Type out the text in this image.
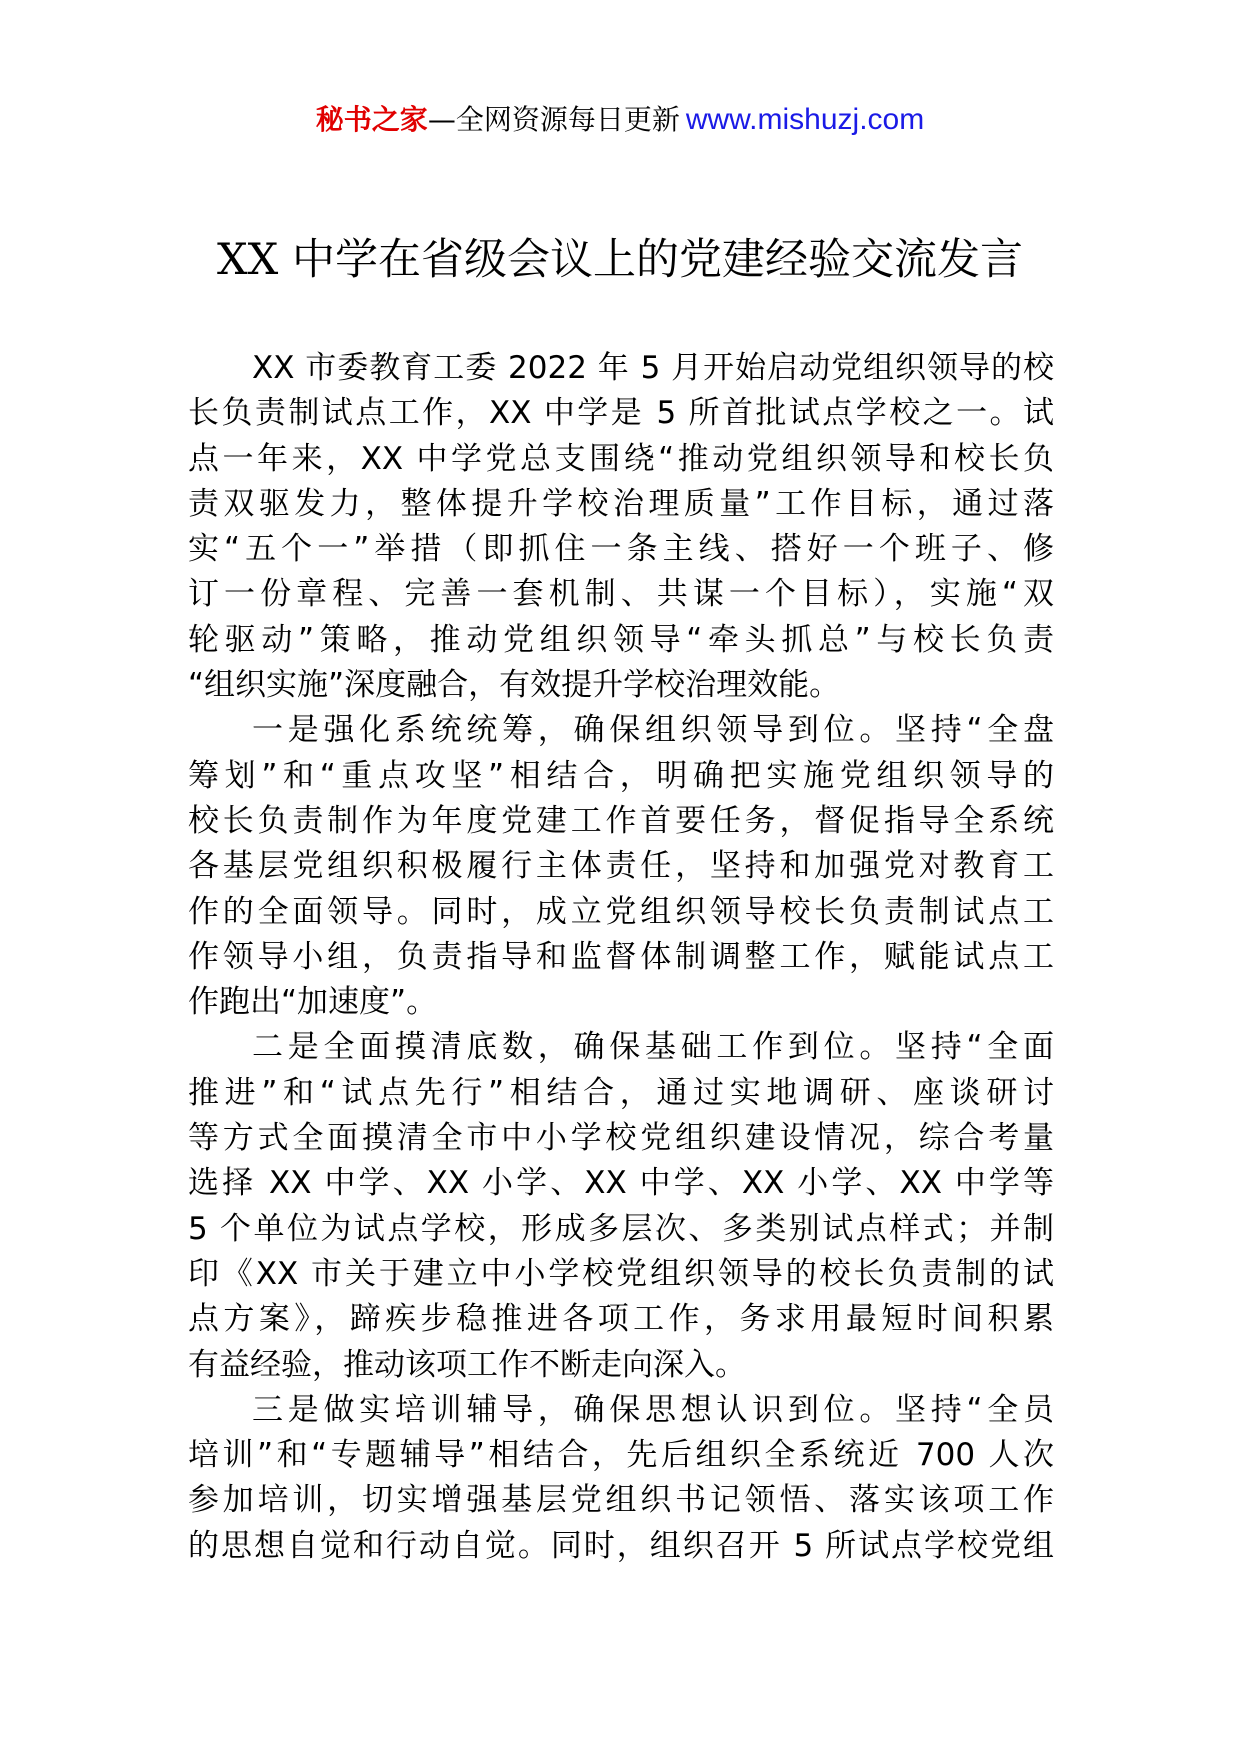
秘书之家—全网资源每日更新 www.mishuzj.com
XX 中学在省级会议上的党建经验交流发言
XX 市委教育工委 2022 年 5 月开始启动党组织领导的校
长负责制试点工作，XX 中学是 5 所首批试点学校之一。试
点一年来，XX 中学党总支围绕“推动党组织领导和校长负
责双驱发力，整体提升学校治理质量”工作目标，通过落
实“五个一”举措（即抓住一条主线、搭好一个班子、修
订一份章程、完善一套机制、共谋一个目标），实施“双
轮驱动”策略，推动党组织领导“牵头抓总”与校长负责
“组织实施”深度融合，有效提升学校治理效能。
一是强化系统统筹，确保组织领导到位。坚持“全盘
筹划”和“重点攻坚”相结合，明确把实施党组织领导的
校长负责制作为年度党建工作首要任务，督促指导全系统
各基层党组织积极履行主体责任，坚持和加强党对教育工
作的全面领导。同时，成立党组织领导校长负责制试点工
作领导小组，负责指导和监督体制调整工作，赋能试点工
作跑出“加速度”。
二是全面摸清底数，确保基础工作到位。坚持“全面
推进”和“试点先行”相结合，通过实地调研、座谈研讨
等方式全面摸清全市中小学校党组织建设情况，综合考量
选择 XX 中学、XX 小学、XX 中学、XX 小学、XX 中学等
5 个单位为试点学校，形成多层次、多类别试点样式；并制
印《XX 市关于建立中小学校党组织领导的校长负责制的试
点方案》，蹄疾步稳推进各项工作，务求用最短时间积累
有益经验，推动该项工作不断走向深入。
三是做实培训辅导，确保思想认识到位。坚持“全员
培训”和“专题辅导”相结合，先后组织全系统近 700 人次
参加培训，切实增强基层党组织书记领悟、落实该项工作
的思想自觉和行动自觉。同时，组织召开 5 所试点学校党组
